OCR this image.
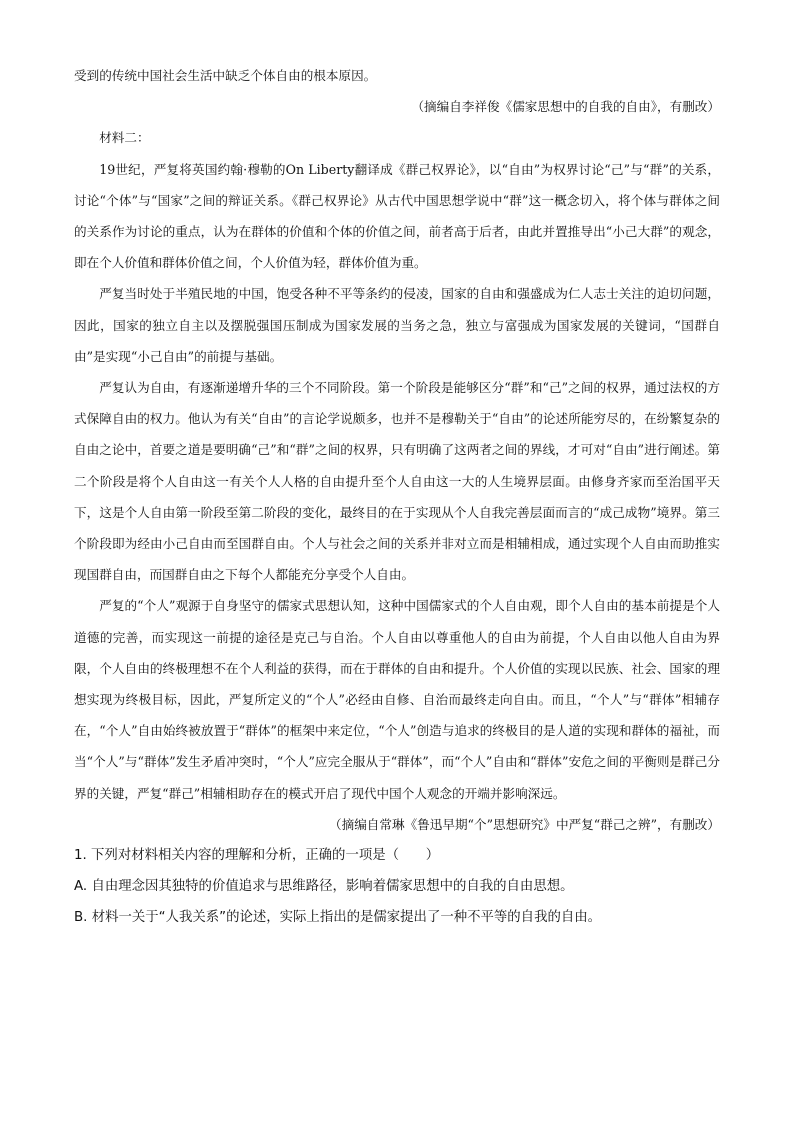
受到的传统中国社会生活中缺乏个体自由的根本原因。

（摘编自李祥俊《儒家思想中的自我的自由》，有删改）

材料二：

19世纪，严复将英国约翰·穆勒的On Liberty翻译成《群己权界论》，以“自由”为权界讨论“己”与“群”的关系，讨论“个体”与“国家”之间的辩证关系。《群己权界论》从古代中国思想学说中“群”这一概念切入，将个体与群体之间的关系作为讨论的重点，认为在群体的价值和个体的价值之间，前者高于后者，由此并置推导出“小己大群”的观念，即在个人价值和群体价值之间，个人价值为轻，群体价值为重。

严复当时处于半殖民地的中国，饱受各种不平等条约的侵凌，国家的自由和强盛成为仁人志士关注的迫切问题，因此，国家的独立自主以及摆脱强国压制成为国家发展的当务之急，独立与富强成为国家发展的关键词，“国群自由”是实现“小己自由”的前提与基础。

严复认为自由，有逐渐递增升华的三个不同阶段。第一个阶段是能够区分“群”和“己”之间的权界，通过法权的方式保障自由的权力。他认为有关“自由”的言论学说颇多，也并不是穆勒关于“自由”的论述所能穷尽的，在纷繁复杂的自由之论中，首要之道是要明确“己”和“群”之间的权界，只有明确了这两者之间的界线，才可对“自由”进行阐述。第二个阶段是将个人自由这一有关个人人格的自由提升至个人自由这一大的人生境界层面。由修身齐家而至治国平天下，这是个人自由第一阶段至第二阶段的变化，最终目的在于实现从个人自我完善层面而言的“成己成物”境界。第三个阶段即为经由小己自由而至国群自由。个人与社会之间的关系并非对立而是相辅相成，通过实现个人自由而助推实现国群自由，而国群自由之下每个人都能充分享受个人自由。

严复的“个人”观源于自身坚守的儒家式思想认知，这种中国儒家式的个人自由观，即个人自由的基本前提是个人道德的完善，而实现这一前提的途径是克己与自治。个人自由以尊重他人的自由为前提，个人自由以他人自由为界限，个人自由的终极理想不在个人利益的获得，而在于群体的自由和提升。个人价值的实现以民族、社会、国家的理想实现为终极目标，因此，严复所定义的“个人”必经由自修、自治而最终走向自由。而且，“个人”与“群体”相辅存在，“个人”自由始终被放置于“群体”的框架中来定位，“个人”创造与追求的终极目的是人道的实现和群体的福祉，而当“个人”与“群体”发生矛盾冲突时，“个人”应完全服从于“群体”，而“个人”自由和“群体”安危之间的平衡则是群己分界的关键，严复“群己”相辅相助存在的模式开启了现代中国个人观念的开端并影响深远。

（摘编自常琳《鲁迅早期“个”思想研究》中严复“群己之辨”，有删改）

1. 下列对材料相关内容的理解和分析，正确的一项是（　　）

A. 自由理念因其独特的价值追求与思维路径，影响着儒家思想中的自我的自由思想。

B. 材料一关于“人我关系”的论述，实际上指出的是儒家提出了一种不平等的自我的自由。
